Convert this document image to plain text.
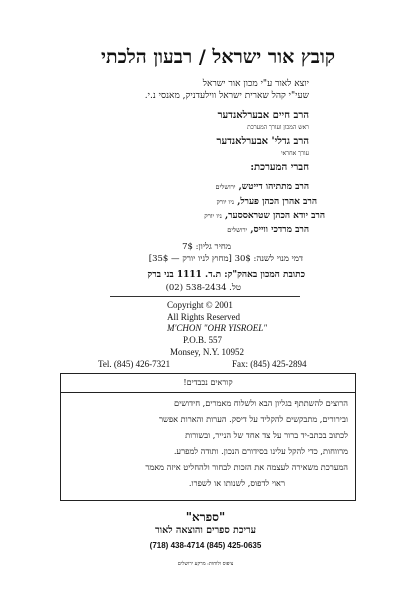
קובץ אור ישראל / רבעון הלכתי
יוצא לאור ע"י מכון אור ישראל
שעי"י קהל שארית ישראל ווילעדניק, מאנסי נ.י.
הרב חיים אבערלאנדער
ראש המכון ועורך המערכת
הרב גדלי' אבערלאנדער
עורך אחראי
חברי המערכת:
הרב מתתיהו דייטש, ירושלים
הרב אהרן הכהן פערל, ניו יורק
הרב יודא הכהן שטראססער, ניו יורק
הרב מרדכי ווייס, ירושלים
מחיר גליון: 7$
דמי מנוי לשנה: 30$ [מחוץ לניו יורק — 35$]
כתובת המכון באהק"ק: ת.ד. 1111 בני ברק
טל. 538-2434 (02)
Copyright © 2001
All Rights Reserved
M'CHON "OHR YISROEL"
P.O.B. 557
Monsey, N.Y. 10952
Tel. (845) 426-7321	Fax: (845) 425-2894
קוראים נכבדים!
הרוצים להשתתף בגליון הבא ולשלוח מאמרים, חידושים
ובירורים, מתבקשים להקליד על דיסק. הערות והארות אפשר
לכתוב בכתב-יד ברור על צד אחד של הנייר, ובשורות
מרווחות, כדי להקל עלינו בסידורם הנכון. ותודה למפרע.
המערכת משאירה לעצמה את הזכות לבחור ולהחליט איזה מאמר
ראוי לדפוס, לשנותו או לשפרו.
"ספרא"
עריכת ספרים והוצאה לאור
(718) 438-4714 (845) 425-0635
ציפוס ולוחות: מרקע ירושלים
